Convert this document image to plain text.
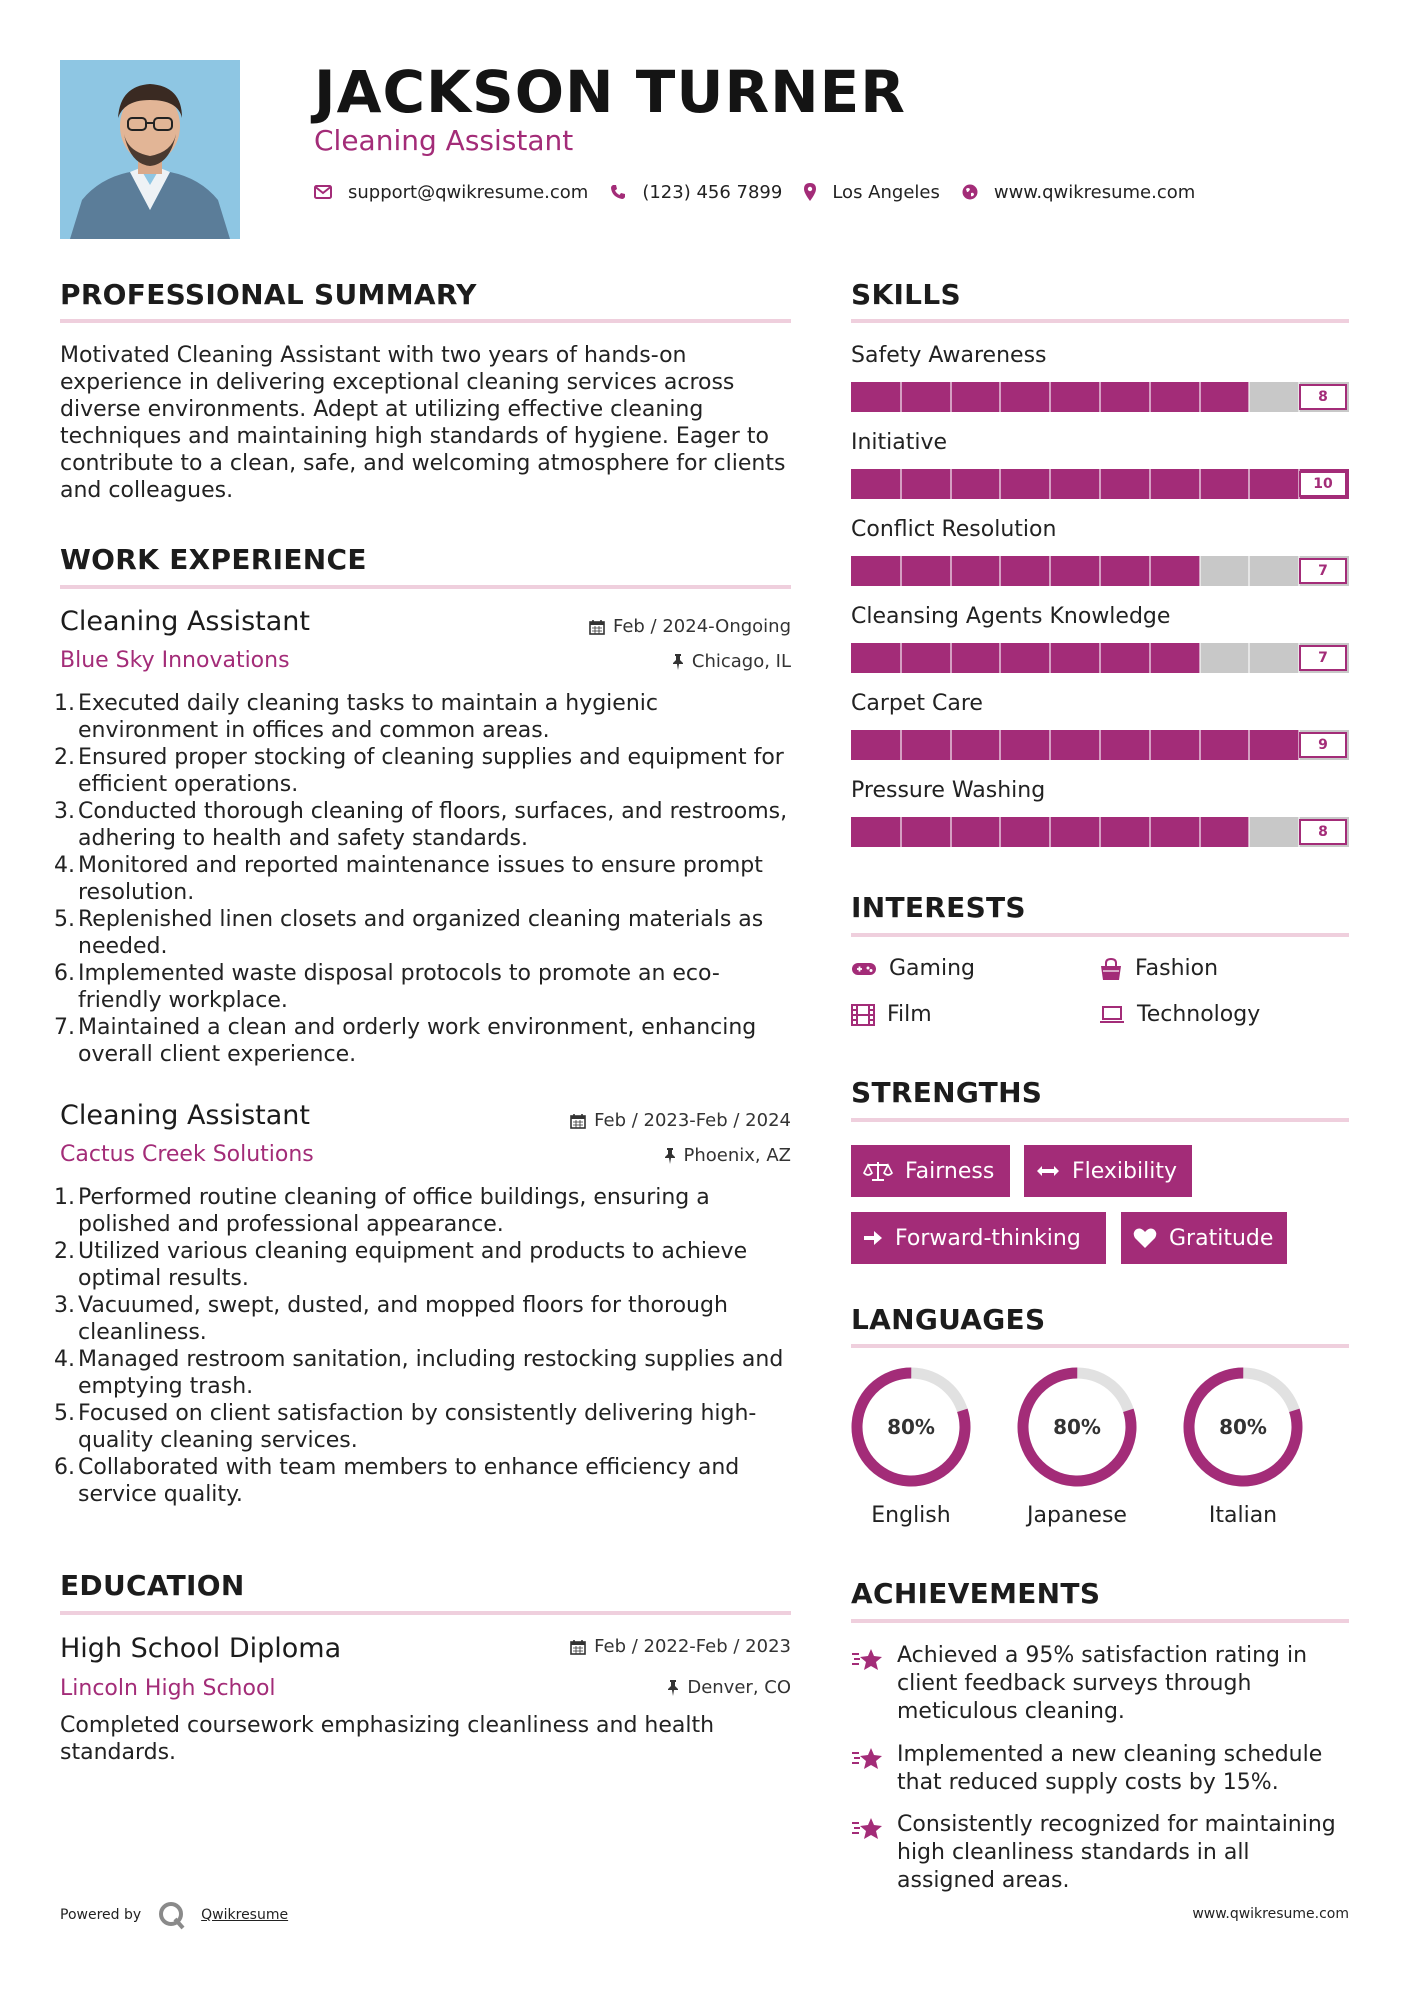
JACKSON TURNER
Cleaning Assistant
support@qwikresume.com	(123) 456 7899	Los Angeles	www.qwikresume.com
PROFESSIONAL SUMMARY
Motivated Cleaning Assistant with two years of hands-on experience in delivering exceptional cleaning services across diverse environments. Adept at utilizing effective cleaning techniques and maintaining high standards of hygiene. Eager to contribute to a clean, safe, and welcoming atmosphere for clients and colleagues.
WORK EXPERIENCE
Cleaning Assistant	Feb / 2024-Ongoing
Blue Sky Innovations	Chicago, IL
1. Executed daily cleaning tasks to maintain a hygienic environment in offices and common areas.
2. Ensured proper stocking of cleaning supplies and equipment for efficient operations.
3. Conducted thorough cleaning of floors, surfaces, and restrooms, adhering to health and safety standards.
4. Monitored and reported maintenance issues to ensure prompt resolution.
5. Replenished linen closets and organized cleaning materials as needed.
6. Implemented waste disposal protocols to promote an eco-friendly workplace.
7. Maintained a clean and orderly work environment, enhancing overall client experience.
Cleaning Assistant	Feb / 2023-Feb / 2024
Cactus Creek Solutions	Phoenix, AZ
1. Performed routine cleaning of office buildings, ensuring a polished and professional appearance.
2. Utilized various cleaning equipment and products to achieve optimal results.
3. Vacuumed, swept, dusted, and mopped floors for thorough cleanliness.
4. Managed restroom sanitation, including restocking supplies and emptying trash.
5. Focused on client satisfaction by consistently delivering high-quality cleaning services.
6. Collaborated with team members to enhance efficiency and service quality.
EDUCATION
High School Diploma	Feb / 2022-Feb / 2023
Lincoln High School	Denver, CO
Completed coursework emphasizing cleanliness and health standards.
SKILLS
Safety Awareness
8
Initiative
10
Conflict Resolution
7
Cleansing Agents Knowledge
7
Carpet Care
9
Pressure Washing
8
INTERESTS
Gaming	Fashion
Film	Technology
STRENGTHS
Fairness	Flexibility
Forward-thinking	Gratitude
LANGUAGES
80%
English
80%
Japanese
80%
Italian
ACHIEVEMENTS
Achieved a 95% satisfaction rating in client feedback surveys through meticulous cleaning.
Implemented a new cleaning schedule that reduced supply costs by 15%.
Consistently recognized for maintaining high cleanliness standards in all assigned areas.
Powered by	Qwikresume	www.qwikresume.com
